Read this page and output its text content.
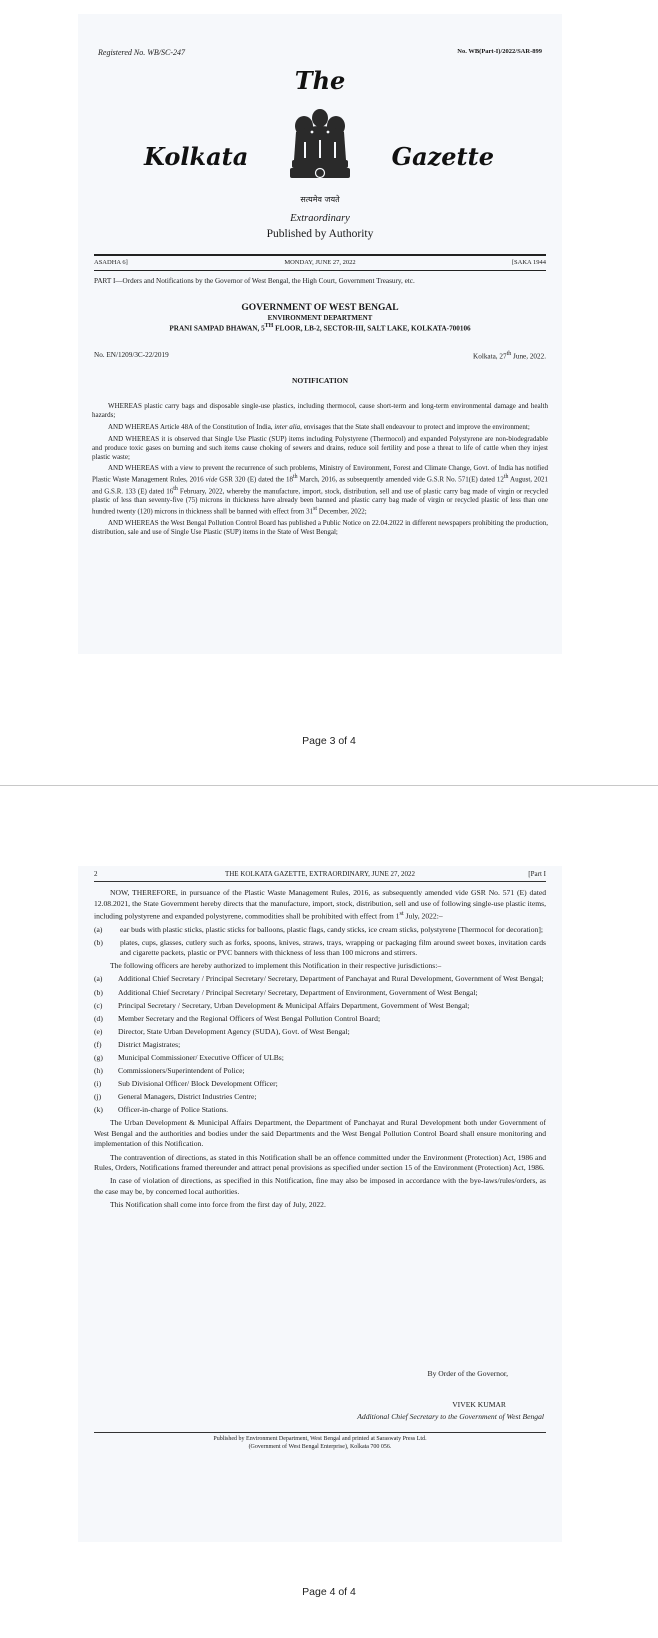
Registered No. WB/SC-247	No. WB(Part-I)/2022/SAR-899
The
Kolkata	Gazette
सत्यमेव जयते
Extraordinary
Published by Authority
ASADHA 6]	MONDAY, JUNE 27, 2022	[SAKA 1944
PART I—Orders and Notifications by the Governor of West Bengal, the High Court, Government Treasury, etc.
GOVERNMENT OF WEST BENGAL
ENVIRONMENT DEPARTMENT
PRANI SAMPAD BHAWAN, 5TH FLOOR, LB-2, SECTOR-III, SALT LAKE, KOLKATA-700106
No. EN/1209/3C-22/2019	Kolkata, 27th June, 2022.
NOTIFICATION

WHEREAS plastic carry bags and disposable single-use plastics, including thermocol, cause short-term and long-term environmental damage and health hazards;

AND WHEREAS Article 48A of the Constitution of India, inter alia, envisages that the State shall endeavour to protect and improve the environment;

AND WHEREAS it is observed that Single Use Plastic (SUP) items including Polystyrene (Thermocol) and expanded Polystyrene are non-biodegradable and produce toxic gases on burning and such items cause choking of sewers and drains, reduce soil fertility and pose a threat to life of cattle when they injest plastic waste;

AND WHEREAS with a view to prevent the recurrence of such problems, Ministry of Environment, Forest and Climate Change, Govt. of India has notified Plastic Waste Management Rules, 2016 vide GSR 320 (E) dated the 18th March, 2016, as subsequently amended vide G.S.R No. 571(E) dated 12th August, 2021 and G.S.R. 133 (E) dated 16th February, 2022, whereby the manufacture, import, stock, distribution, sell and use of plastic carry bag made of virgin or recycled plastic of less than seventy-five (75) microns in thickness have already been banned and plastic carry bag made of virgin or recycled plastic of less than one hundred twenty (120) microns in thickness shall be banned with effect from 31st December, 2022;

AND WHEREAS the West Bengal Pollution Control Board has published a Public Notice on 22.04.2022 in different newspapers prohibiting the production, distribution, sale and use of Single Use Plastic (SUP) items in the State of West Bengal;

Page 3 of 4
2	THE KOLKATA GAZETTE, EXTRAORDINARY, JUNE 27, 2022	[Part I

NOW, THEREFORE, in pursuance of the Plastic Waste Management Rules, 2016, as subsequently amended vide GSR No. 571 (E) dated 12.08.2021, the State Government hereby directs that the manufacture, import, stock, distribution, sell and use of following single-use plastic items, including polystyrene and expanded polystyrene, commodities shall be prohibited with effect from 1st July, 2022:–

(a)	ear buds with plastic sticks, plastic sticks for balloons, plastic flags, candy sticks, ice cream sticks, polystyrene [Thermocol for decoration];
(b)	plates, cups, glasses, cutlery such as forks, spoons, knives, straws, trays, wrapping or packaging film around sweet boxes, invitation cards and cigarette packets, plastic or PVC banners with thickness of less than 100 microns and stirrers.

The following officers are hereby authorized to implement this Notification in their respective jurisdictions:–

(a)	Additional Chief Secretary / Principal Secretary/ Secretary, Department of Panchayat and Rural Development, Government of West Bengal;
(b)	Additional Chief Secretary / Principal Secretary/ Secretary, Department of Environment, Government of West Bengal;
(c)	Principal Secretary / Secretary, Urban Development & Municipal Affairs Department, Government of West Bengal;
(d)	Member Secretary and the Regional Officers of West Bengal Pollution Control Board;
(e)	Director, State Urban Development Agency (SUDA), Govt. of West Bengal;
(f)	District Magistrates;
(g)	Municipal Commissioner/ Executive Officer of ULBs;
(h)	Commissioners/Superintendent of Police;
(i)	Sub Divisional Officer/ Block Development Officer;
(j)	General Managers, District Industries Centre;
(k)	Officer-in-charge of Police Stations.

The Urban Development & Municipal Affairs Department, the Department of Panchayat and Rural Development both under Government of West Bengal and the authorities and bodies under the said Departments and the West Bengal Pollution Control Board shall ensure monitoring and implementation of this Notification.

The contravention of directions, as stated in this Notification shall be an offence committed under the Environment (Protection) Act, 1986 and Rules, Orders, Notifications framed thereunder and attract penal provisions as specified under section 15 of the Environment (Protection) Act, 1986.

In case of violation of directions, as specified in this Notification, fine may also be imposed in accordance with the bye-laws/rules/orders, as the case may be, by concerned local authorities.

This Notification shall come into force from the first day of July, 2022.

By Order of the Governor,
VIVEK KUMAR
Additional Chief Secretary to the Government of West Bengal
Published by Environment Department, West Bengal and printed at Saraswaty Press Ltd.
(Government of West Bengal Enterprise), Kolkata 700 056.
Page 4 of 4
